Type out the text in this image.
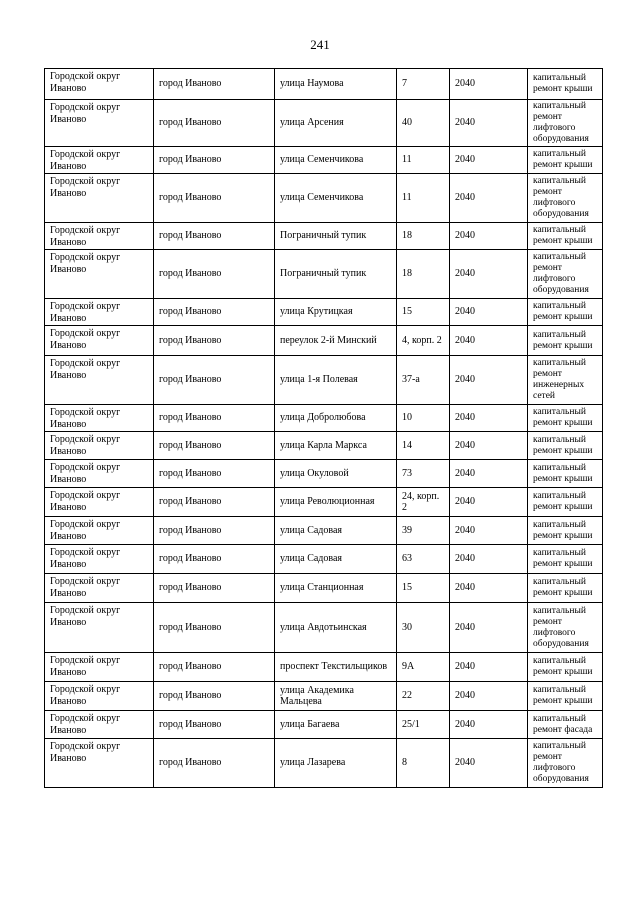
241
Городской округ Иваново	город Иваново	улица Наумова	7	2040	капитальный ремонт крыши
Городской округ Иваново	город Иваново	улица Арсения	40	2040	капитальный ремонт лифтового оборудования
Городской округ Иваново	город Иваново	улица Семенчикова	11	2040	капитальный ремонт крыши
Городской округ Иваново	город Иваново	улица Семенчикова	11	2040	капитальный ремонт лифтового оборудования
Городской округ Иваново	город Иваново	Пограничный тупик	18	2040	капитальный ремонт крыши
Городской округ Иваново	город Иваново	Пограничный тупик	18	2040	капитальный ремонт лифтового оборудования
Городской округ Иваново	город Иваново	улица Крутицкая	15	2040	капитальный ремонт крыши
Городской округ Иваново	город Иваново	переулок 2-й Минский	4, корп. 2	2040	капитальный ремонт крыши
Городской округ Иваново	город Иваново	улица 1-я Полевая	37-а	2040	капитальный ремонт инженерных сетей
Городской округ Иваново	город Иваново	улица Добролюбова	10	2040	капитальный ремонт крыши
Городской округ Иваново	город Иваново	улица Карла Маркса	14	2040	капитальный ремонт крыши
Городской округ Иваново	город Иваново	улица Окуловой	73	2040	капитальный ремонт крыши
Городской округ Иваново	город Иваново	улица Революционная	24, корп. 2	2040	капитальный ремонт крыши
Городской округ Иваново	город Иваново	улица Садовая	39	2040	капитальный ремонт крыши
Городской округ Иваново	город Иваново	улица Садовая	63	2040	капитальный ремонт крыши
Городской округ Иваново	город Иваново	улица Станционная	15	2040	капитальный ремонт крыши
Городской округ Иваново	город Иваново	улица Авдотьинская	30	2040	капитальный ремонт лифтового оборудования
Городской округ Иваново	город Иваново	проспект Текстильщиков	9А	2040	капитальный ремонт крыши
Городской округ Иваново	город Иваново	улица Академика Мальцева	22	2040	капитальный ремонт крыши
Городской округ Иваново	город Иваново	улица Багаева	25/1	2040	капитальный ремонт фасада
Городской округ Иваново	город Иваново	улица Лазарева	8	2040	капитальный ремонт лифтового оборудования
